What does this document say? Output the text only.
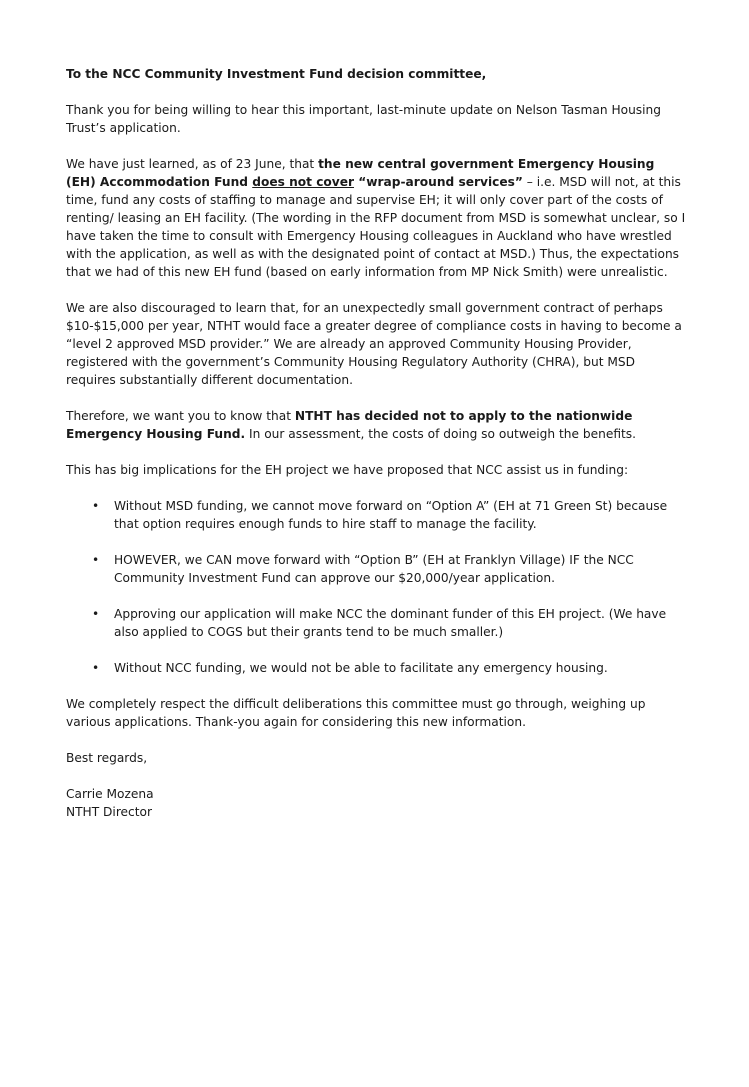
To the NCC Community Investment Fund decision committee,

Thank you for being willing to hear this important, last-minute update on Nelson Tasman Housing Trust’s application.

We have just learned, as of 23 June, that the new central government Emergency Housing (EH) Accommodation Fund does not cover “wrap-around services” – i.e. MSD will not, at this time, fund any costs of staffing to manage and supervise EH; it will only cover part of the costs of renting/ leasing an EH facility. (The wording in the RFP document from MSD is somewhat unclear, so I have taken the time to consult with Emergency Housing colleagues in Auckland who have wrestled with the application, as well as with the designated point of contact at MSD.) Thus, the expectations that we had of this new EH fund (based on early information from MP Nick Smith) were unrealistic.

We are also discouraged to learn that, for an unexpectedly small government contract of perhaps $10-$15,000 per year, NTHT would face a greater degree of compliance costs in having to become a “level 2 approved MSD provider.” We are already an approved Community Housing Provider, registered with the government’s Community Housing Regulatory Authority (CHRA), but MSD requires substantially different documentation.

Therefore, we want you to know that NTHT has decided not to apply to the nationwide Emergency Housing Fund. In our assessment, the costs of doing so outweigh the benefits.

This has big implications for the EH project we have proposed that NCC assist us in funding:

• Without MSD funding, we cannot move forward on “Option A” (EH at 71 Green St) because that option requires enough funds to hire staff to manage the facility.
• HOWEVER, we CAN move forward with “Option B” (EH at Franklyn Village) IF the NCC Community Investment Fund can approve our $20,000/year application.
• Approving our application will make NCC the dominant funder of this EH project. (We have also applied to COGS but their grants tend to be much smaller.)
• Without NCC funding, we would not be able to facilitate any emergency housing.

We completely respect the difficult deliberations this committee must go through, weighing up various applications. Thank-you again for considering this new information.

Best regards,

Carrie Mozena
NTHT Director
